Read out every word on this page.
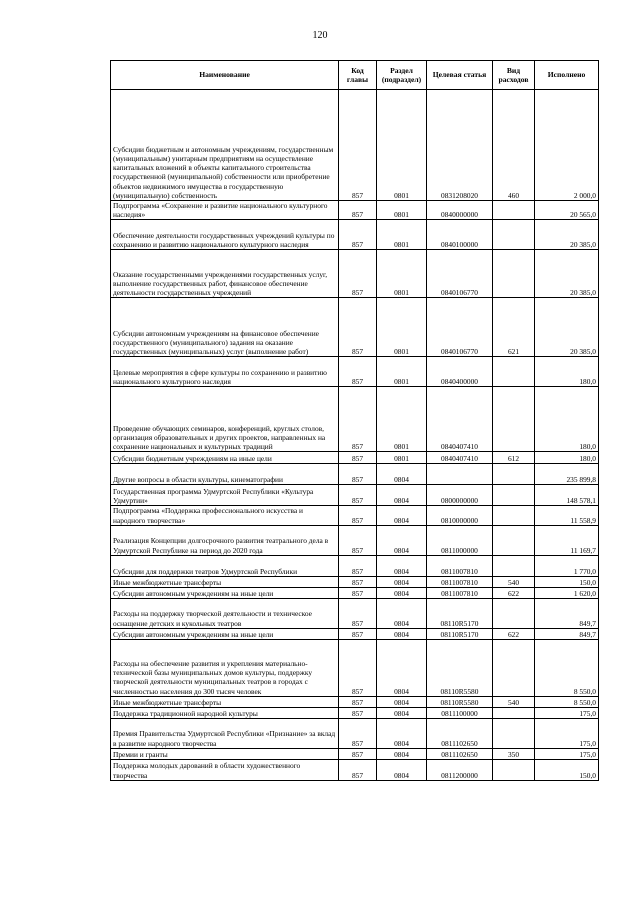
120
Наименование	Код главы	Раздел (подраздел)	Целевая статья	Вид расходов	Исполнено
Субсидии бюджетным и автономным учреждениям, государственным (муниципальным) унитарным предприятиям на осуществление капитальных вложений в объекты капитального строительства государственной (муниципальной) собственности или приобретение объектов недвижимого имущества в государственную (муниципальную) собственность	857	0801	0831208020	460	2 000,0
Подпрограмма «Сохранение и развитие национального культурного наследия»	857	0801	0840000000		20 565,0
Обеспечение деятельности государственных учреждений культуры по сохранению и развитию национального культурного наследия	857	0801	0840100000		20 385,0
Оказание государственными учреждениями государственных услуг, выполнение государственных работ, финансовое обеспечение деятельности государственных учреждений	857	0801	0840106770		20 385,0
Субсидии автономным учреждениям на финансовое обеспечение государственного (муниципального) задания на оказание государственных (муниципальных) услуг (выполнение работ)	857	0801	0840106770	621	20 385,0
Целевые мероприятия в сфере культуры по сохранению и развитию национального культурного наследия	857	0801	0840400000		180,0
Проведение обучающих семинаров, конференций, круглых столов, организация образовательных и других проектов, направленных на сохранение национальных и культурных традиций	857	0801	0840407410		180,0
Субсидии бюджетным учреждениям на иные цели	857	0801	0840407410	612	180,0
Другие вопросы в области культуры, кинематографии	857	0804			235 899,8
Государственная программа Удмуртской Республики «Культура Удмуртии»	857	0804	0800000000		148 578,1
Подпрограмма «Поддержка профессионального искусства и народного творчества»	857	0804	0810000000		11 558,9
Реализация Концепции долгосрочного развития театрального дела в Удмуртской Республике на период до 2020 года	857	0804	0811000000		11 169,7
Субсидии для поддержки театров Удмуртской Республики	857	0804	0811007810		1 770,0
Иные межбюджетные трансферты	857	0804	0811007810	540	150,0
Субсидии автономным учреждениям на иные цели	857	0804	0811007810	622	1 620,0
Расходы на поддержку творческой деятельности и техническое оснащение детских и кукольных театров	857	0804	08110R5170		849,7
Субсидии автономным учреждениям на иные цели	857	0804	08110R5170	622	849,7
Расходы на обеспечение развития и укрепления материально-технической базы муниципальных домов культуры, поддержку творческой деятельности муниципальных театров в городах с численностью населения до 300 тысяч человек	857	0804	08110R5580		8 550,0
Иные межбюджетные трансферты	857	0804	08110R5580	540	8 550,0
Поддержка традиционной народной культуры	857	0804	0811100000		175,0
Премия Правительства Удмуртской Республики «Признание» за вклад в развитие народного творчества	857	0804	0811102650		175,0
Премии и гранты	857	0804	0811102650	350	175,0
Поддержка молодых дарований в области художественного творчества	857	0804	0811200000		150,0
